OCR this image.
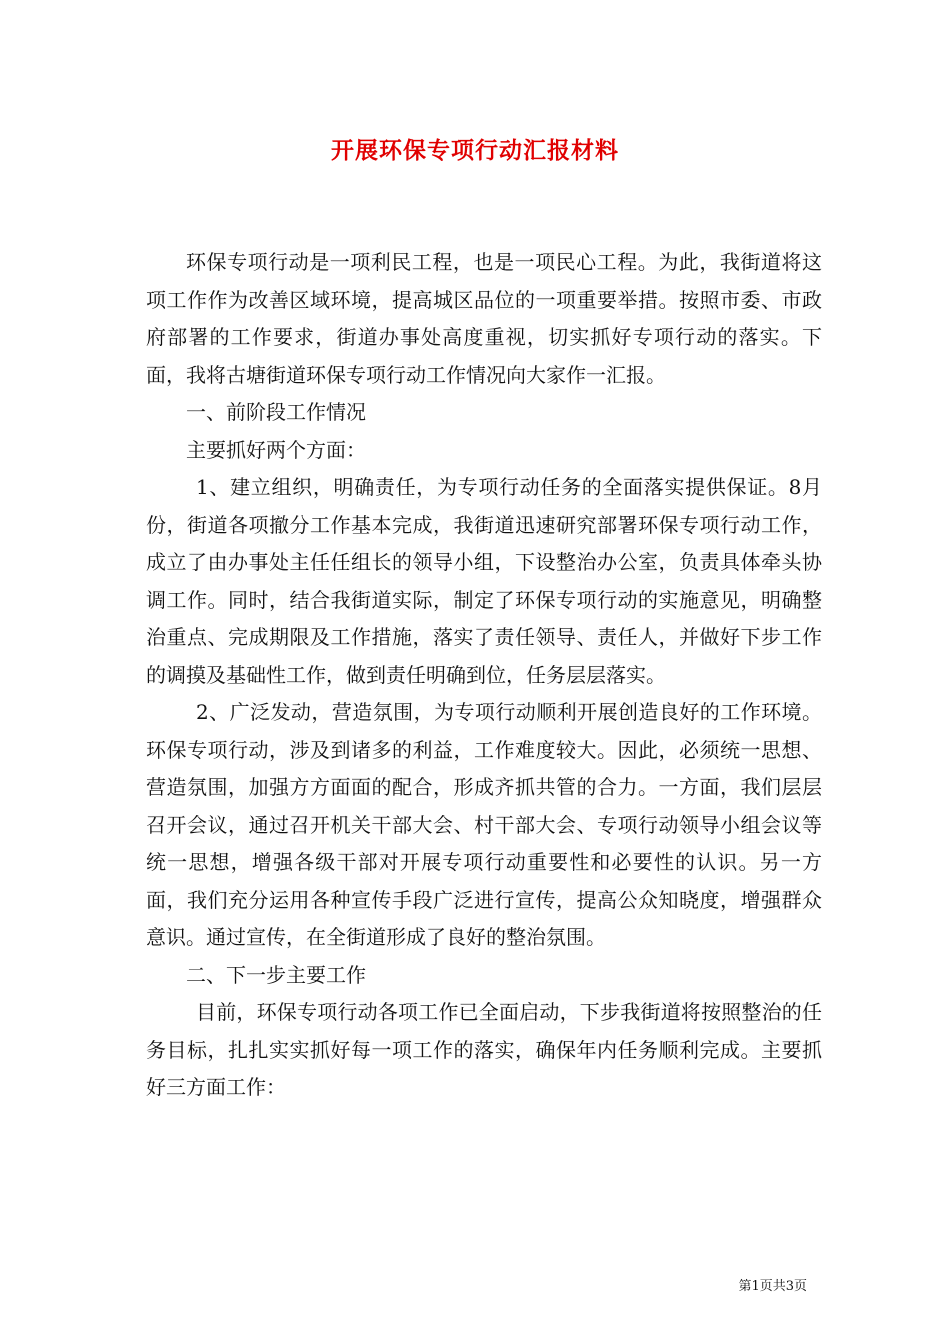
开展环保专项行动汇报材料

环保专项行动是一项利民工程，也是一项民心工程。为此，我街道将这项工作作为改善区域环境，提高城区品位的一项重要举措。按照市委、市政府部署的工作要求，街道办事处高度重视，切实抓好专项行动的落实。下面，我将古塘街道环保专项行动工作情况向大家作一汇报。

一、前阶段工作情况

主要抓好两个方面：

1、建立组织，明确责任，为专项行动任务的全面落实提供保证。8月份，街道各项撤分工作基本完成，我街道迅速研究部署环保专项行动工作，成立了由办事处主任任组长的领导小组，下设整治办公室，负责具体牵头协调工作。同时，结合我街道实际，制定了环保专项行动的实施意见，明确整治重点、完成期限及工作措施，落实了责任领导、责任人，并做好下步工作的调摸及基础性工作，做到责任明确到位，任务层层落实。

2、广泛发动，营造氛围，为专项行动顺利开展创造良好的工作环境。环保专项行动，涉及到诸多的利益，工作难度较大。因此，必须统一思想、营造氛围，加强方方面面的配合，形成齐抓共管的合力。一方面，我们层层召开会议，通过召开机关干部大会、村干部大会、专项行动领导小组会议等统一思想，增强各级干部对开展专项行动重要性和必要性的认识。另一方面，我们充分运用各种宣传手段广泛进行宣传，提高公众知晓度，增强群众意识。通过宣传，在全街道形成了良好的整治氛围。

二、下一步主要工作

目前，环保专项行动各项工作已全面启动，下步我街道将按照整治的任务目标，扎扎实实抓好每一项工作的落实，确保年内任务顺利完成。主要抓好三方面工作：

第1页共3页
